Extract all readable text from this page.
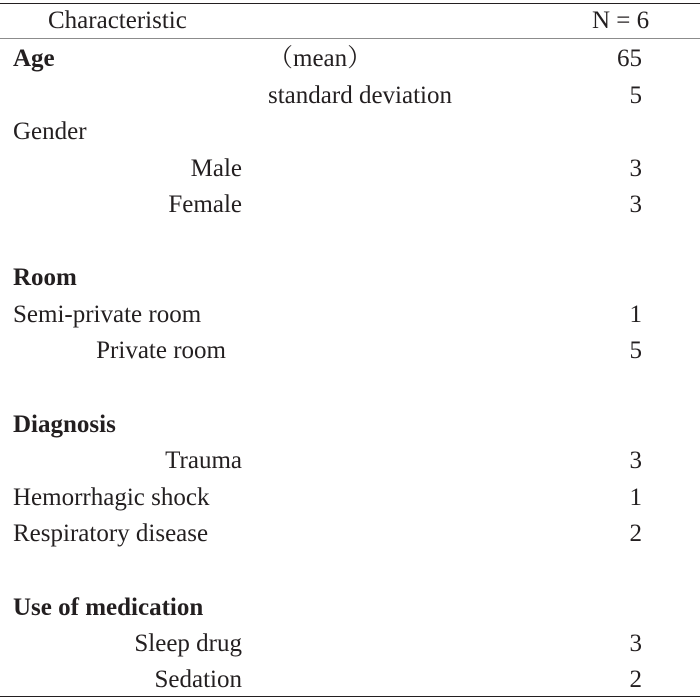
Characteristic	N = 6
Age	（mean）	65
standard deviation	5
Gender
Male	3
Female	3
Room
Semi-private room	1
Private room	5
Diagnosis
Trauma	3
Hemorrhagic shock	1
Respiratory disease	2
Use of medication
Sleep drug	3
Sedation	2
